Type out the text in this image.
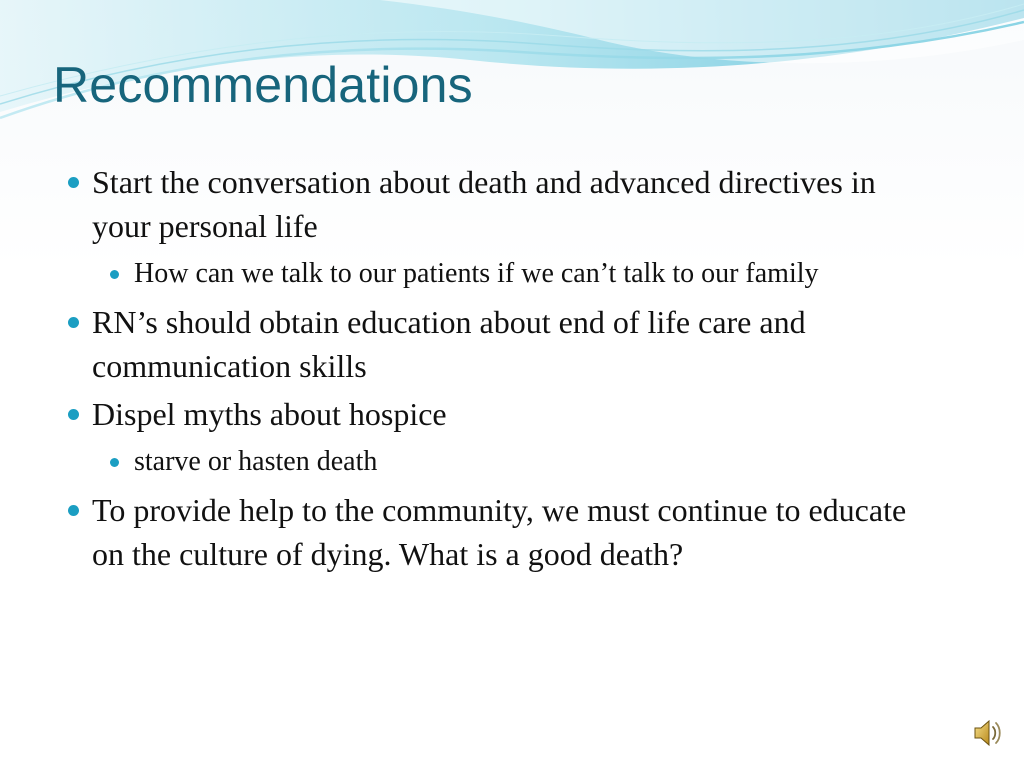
Recommendations
Start the conversation about death and advanced directives in your personal life
How can we talk to our patients if we can’t talk to our family
RN’s should obtain education about end of life care and communication skills
Dispel myths about hospice
starve or hasten death
To provide help to the community, we must continue to educate on the culture of dying. What is a good death?
